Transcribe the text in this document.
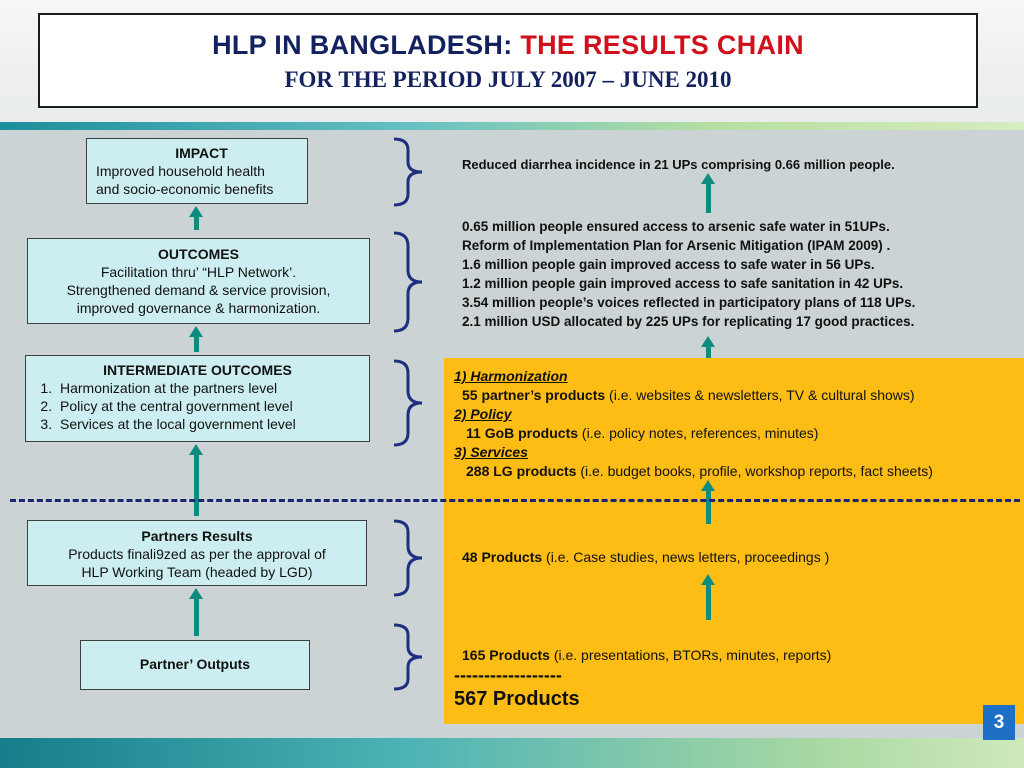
HLP IN BANGLADESH: THE RESULTS CHAIN
FOR THE PERIOD JULY 2007 – JUNE 2010
IMPACT
Improved household health
and socio-economic benefits
OUTCOMES
Facilitation thru’ “HLP Network’.
Strengthened demand & service provision,
improved governance & harmonization.
INTERMEDIATE OUTCOMES
1. Harmonization at the partners level
2. Policy at the central government level
3. Services at the local government level
Partners Results
Products finali9zed as per the approval of
HLP Working Team (headed by LGD)
Partner’ Outputs
Reduced diarrhea incidence in 21 UPs comprising 0.66 million people.
0.65 million people ensured access to arsenic safe water in 51UPs.
Reform of Implementation Plan for Arsenic Mitigation (IPAM 2009) .
1.6 million people gain improved access to safe water in 56 UPs.
1.2 million people gain improved access to safe sanitation in 42 UPs.
3.54 million people’s voices reflected in participatory plans of 118 UPs.
2.1 million USD allocated by 225 UPs for replicating 17 good practices.
1) Harmonization
55 partner’s products (i.e. websites & newsletters, TV & cultural shows)
2) Policy
11 GoB products (i.e. policy notes, references, minutes)
3) Services
288 LG products (i.e. budget books, profile, workshop reports, fact sheets)
48 Products (i.e. Case studies, news letters, proceedings )
165 Products (i.e. presentations, BTORs, minutes, reports)
------------------
567 Products
3
